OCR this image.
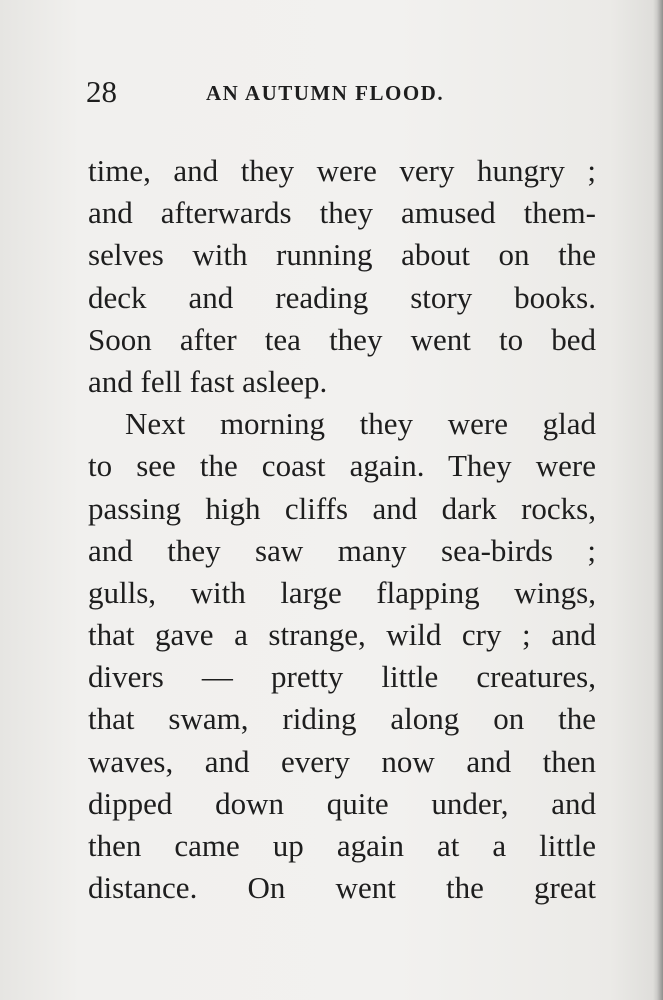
28	AN AUTUMN FLOOD.
time, and they were very hungry ;
and afterwards they amused them-
selves with running about on the
deck and reading story books.
Soon after tea they went to bed
and fell fast asleep.
Next morning they were glad
to see the coast again. They were
passing high cliffs and dark rocks,
and they saw many sea-birds ;
gulls, with large flapping wings,
that gave a strange, wild cry ; and
divers — pretty little creatures,
that swam, riding along on the
waves, and every now and then
dipped down quite under, and
then came up again at a little
distance. On went the great
